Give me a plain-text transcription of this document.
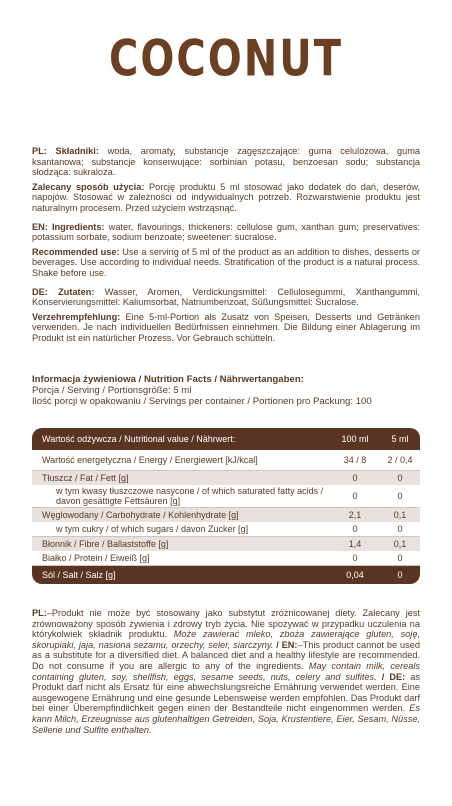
COCONUT

PL: Składniki: woda, aromaty, substancje zagęszczające: guma celulozowa, guma ksantanowa; substancje konserwujące: sorbinian potasu, benzoesan sodu; substancja słodząca: sukraloza.

Zalecany sposób użycia: Porcję produktu 5 ml stosować jako dodatek do dań, deserów, napojów. Stosować w zależności od indywidualnych potrzeb. Rozwarstwienie produktu jest naturalnym procesem. Przed użyciem wstrząsnąć.

EN: Ingredients: water, flavourings, thickeners: cellulose gum, xanthan gum; preservatives: potassium sorbate, sodium benzoate; sweetener: sucralose.

Recommended use: Use a serving of 5 ml of the product as an addition to dishes, desserts or beverages. Use according to individual needs. Stratification of the product is a natural process. Shake before use.

DE: Zutaten: Wasser, Aromen, Verdickungsmittel: Cellulosegummi, Xanthangummi, Konservierungsmittel: Kaliumsorbat, Natriumbenzoat, Süßungsmittel: Sucralose.

Verzehrempfehlung: Eine 5-ml-Portion als Zusatz von Speisen, Desserts und Getränken verwenden. Je nach individuellen Bedürfnissen einnehmen. Die Bildung einer Ablagerung im Produkt ist ein natürlicher Prozess. Vor Gebrauch schütteln.

Informacja żywieniowa / Nutrition Facts / Nährwertangaben:
Porcja / Serving / Portionsgröße: 5 ml
Ilość porcji w opakowaniu / Servings per container / Portionen pro Packung: 100
Wartość odżywcza / Nutritional value / Nährwert:	100 ml	5 ml
Wartość energetyczna / Energy / Energiewert [kJ/kcal]	34 / 8	2 / 0,4
Tłuszcz / Fat / Fett [g]	0	0
w tym kwasy tłuszczowe nasycone / of which saturated fatty acids / davon gesättigte Fettsäuren [g]	0	0
Węglowodany / Carbohydrate / Kohlenhydrate [g]	2,1	0,1
w tym cukry / of which sugars / davon Zucker [g]	0	0
Błonnik / Fibre / Ballaststoffe [g]	1,4	0,1
Białko / Protein / Eiweiß [g]	0	0
Sól / Salt / Salz [g]	0,04	0
PL:–Produkt nie może być stosowany jako substytut zróżnicowanej diety. Zalecany jest zrównoważony sposób żywienia i zdrowy tryb życia. Nie spożywać w przypadku uczulenia na którykolwiek składnik produktu. Może zawierać mleko, zboża zawierające gluten, soję, skorupiaki, jaja, nasiona sezamu, orzechy, seler, siarczyny. / EN:–This product cannot be used as a substitute for a diversified diet. A balanced diet and a healthy lifestyle are recommended. Do not consume if you are allergic to any of the ingredients. May contain milk, cereals containing gluten, soy, shellfish, eggs, sesame seeds, nuts, celery and sulfites. / DE: as Produkt darf nicht als Ersatz für eine abwechslungsreiche Ernährung verwendet werden. Eine ausgewogene Ernährung und eine gesunde Lebensweise werden empfohlen. Das Produkt darf bei einer Überempfindlichkeit gegen einen der Bestandteile nicht eingenommen werden. Es kann Milch, Erzeugnisse aus glutenhaltigen Getreiden, Soja, Krustentiere, Eier, Sesam, Nüsse, Sellerie und Sulfite enthalten.
